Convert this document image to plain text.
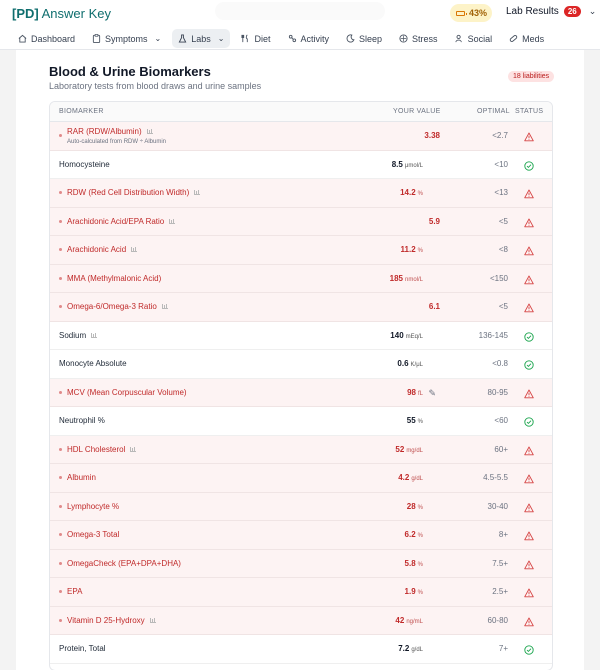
[PD] Answer Key	43% Lab Results	26	⌄
Dashboard	Symptoms ⌄	Labs ⌄	Diet	Activity	Sleep	Stress	Social	Meds
Blood & Urine Biomarkers
Laboratory tests from blood draws and urine samples
18 liabilities
BIOMARKER	YOUR VALUE	OPTIMAL STATUS
RAR (RDW/Albumin)
Auto-calculated from RDW ÷ Albumin
3.38	<2.7
Homocysteine	8.5 μmol/L	<10
RDW (Red Cell Distribution Width)	14.2 %	<13
Arachidonic Acid/EPA Ratio	5.9	<5
Arachidonic Acid	11.2 %	<8
MMA (Methylmalonic Acid)	185 nmol/L	<150
Omega-6/Omega-3 Ratio	6.1	<5
Sodium	140 mEq/L	136-145
Monocyte Absolute	0.6 K/μL	<0.8
MCV (Mean Corpuscular Volume)	98 fL ✎	80-95
Neutrophil %	55 %	<60
HDL Cholesterol	52 mg/dL	60+
Albumin	4.2 g/dL	4.5-5.5
Lymphocyte %	28 %	30-40
Omega-3 Total	6.2 %	8+
OmegaCheck (EPA+DPA+DHA)	5.8 %	7.5+
EPA	1.9 %	2.5+
Vitamin D 25-Hydroxy	42 ng/mL	60-80
Protein, Total	7.2 g/dL	7+
